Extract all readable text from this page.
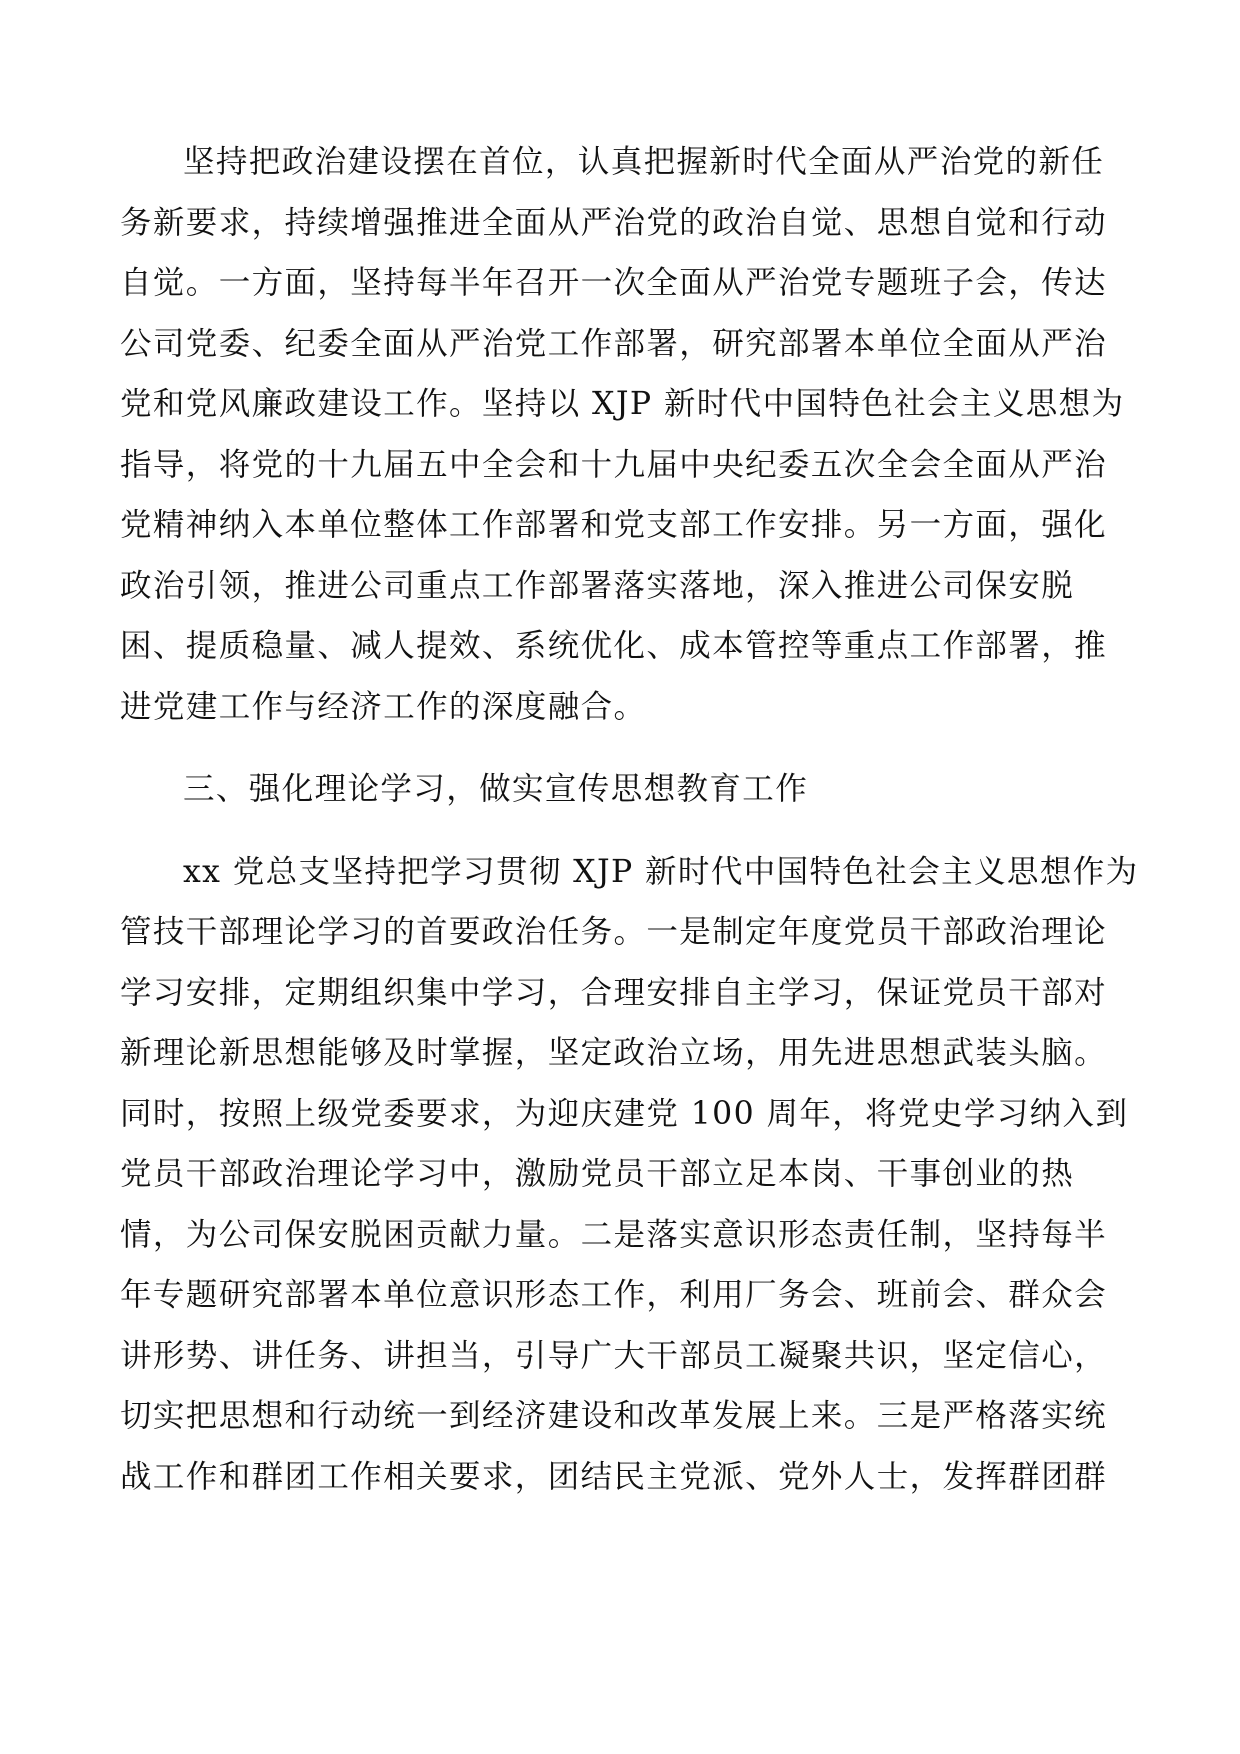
坚持把政治建设摆在首位，认真把握新时代全面从严治党的新任
务新要求，持续增强推进全面从严治党的政治自觉、思想自觉和行动
自觉。一方面，坚持每半年召开一次全面从严治党专题班子会，传达
公司党委、纪委全面从严治党工作部署，研究部署本单位全面从严治
党和党风廉政建设工作。坚持以 XJP 新时代中国特色社会主义思想为
指导，将党的十九届五中全会和十九届中央纪委五次全会全面从严治
党精神纳入本单位整体工作部署和党支部工作安排。另一方面，强化
政治引领，推进公司重点工作部署落实落地，深入推进公司保安脱
困、提质稳量、减人提效、系统优化、成本管控等重点工作部署，推
进党建工作与经济工作的深度融合。
三、强化理论学习，做实宣传思想教育工作
xx 党总支坚持把学习贯彻 XJP 新时代中国特色社会主义思想作为
管技干部理论学习的首要政治任务。一是制定年度党员干部政治理论
学习安排，定期组织集中学习，合理安排自主学习，保证党员干部对
新理论新思想能够及时掌握，坚定政治立场，用先进思想武装头脑。
同时，按照上级党委要求，为迎庆建党 100 周年，将党史学习纳入到
党员干部政治理论学习中，激励党员干部立足本岗、干事创业的热
情，为公司保安脱困贡献力量。二是落实意识形态责任制，坚持每半
年专题研究部署本单位意识形态工作，利用厂务会、班前会、群众会
讲形势、讲任务、讲担当，引导广大干部员工凝聚共识，坚定信心，
切实把思想和行动统一到经济建设和改革发展上来。三是严格落实统
战工作和群团工作相关要求，团结民主党派、党外人士，发挥群团群
